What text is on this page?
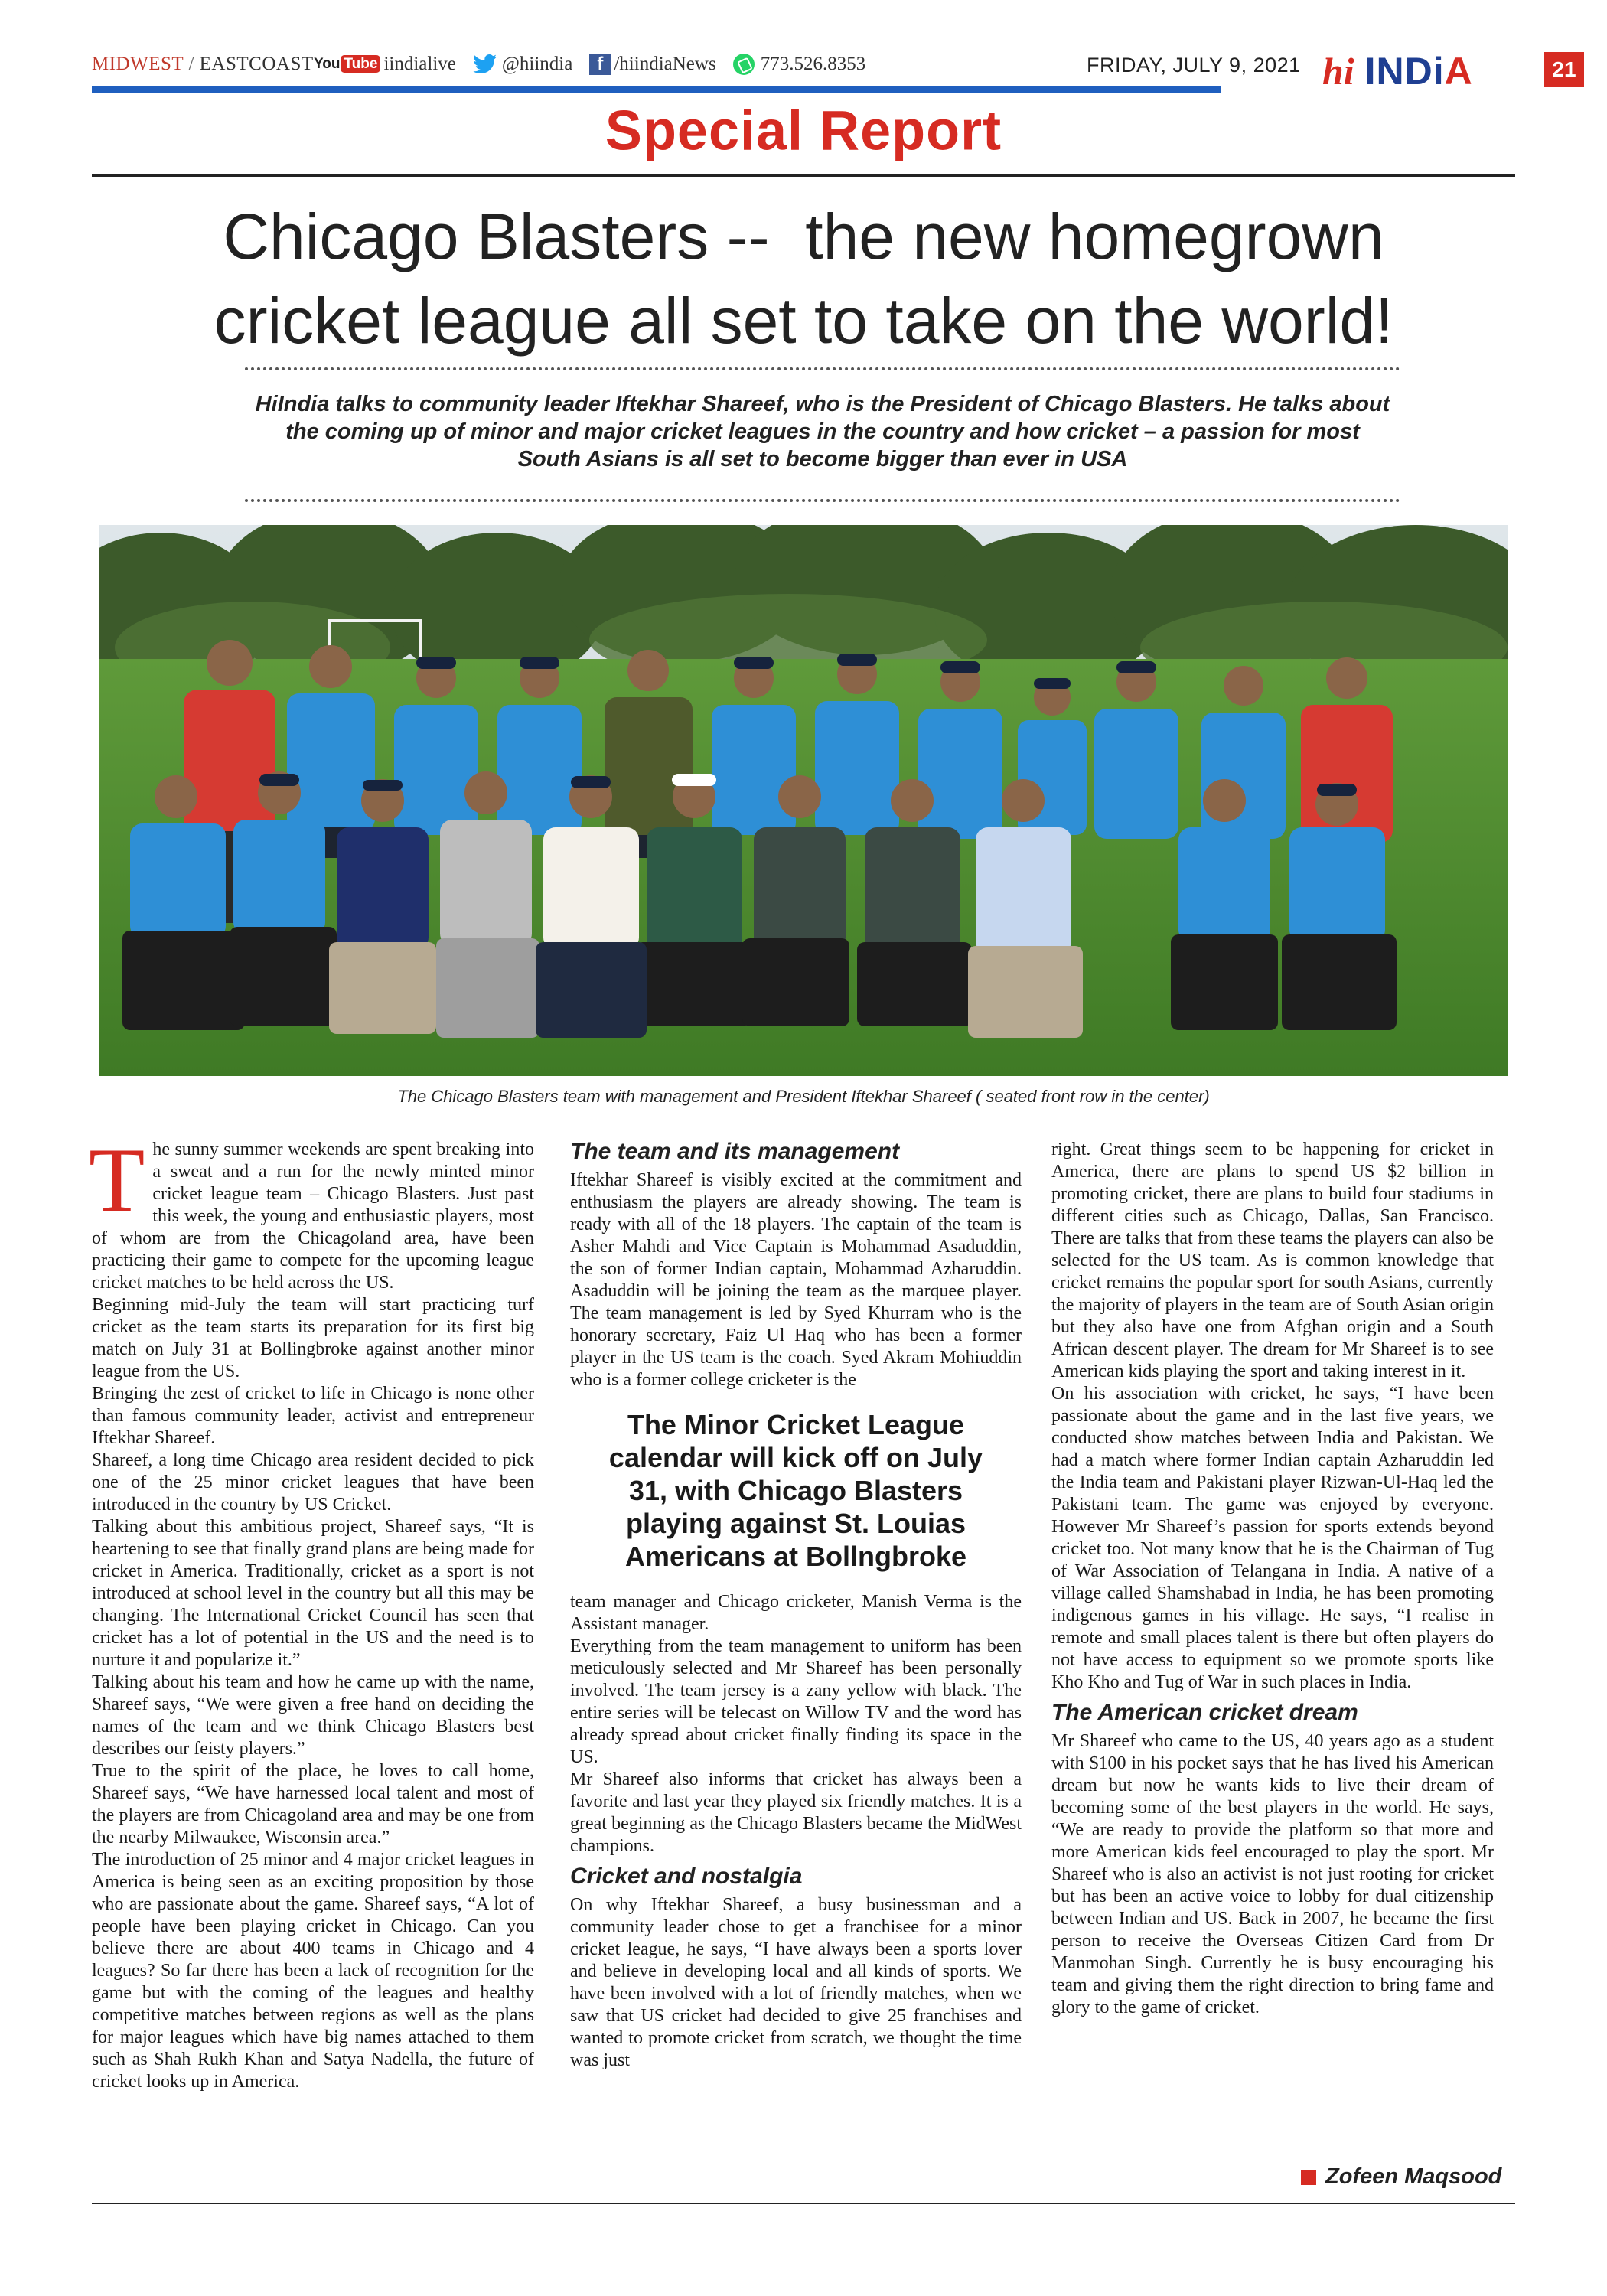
MIDWEST / EASTCOAST You Tube iindialive @hiindia	f /hiindiaNews 773.526.8353	FRIDAY, JULY 9, 2021 hi INDiA	21
Special Report
Chicago Blasters --  the new homegrown
cricket league all set to take on the world!
HiIndia talks to community leader Iftekhar Shareef, who is the President of Chicago Blasters. He talks about the coming up of minor and major cricket leagues in the country and how cricket – a passion for most South Asians is all set to become bigger than ever in USA
The Chicago Blasters team with management and President Iftekhar Shareef ( seated front row in the center)

The sunny summer weekends are spent breaking into a sweat and a run for the newly minted minor cricket league team – Chicago Blasters. Just past this week, the young and enthusiastic players, most of whom are from the Chicagoland area, have been practicing their game to compete for the upcoming league cricket matches to be held across the US.

Beginning mid-July the team will start practicing turf cricket as the team starts its preparation for its first big match on July 31 at Bollingbroke against another minor league from the US.

Bringing the zest of cricket to life in Chicago is none other than famous community leader, activist and entrepreneur Iftekhar Shareef.

Shareef, a long time Chicago area resident decided to pick one of the 25 minor cricket leagues that have been introduced in the country by US Cricket.

Talking about this ambitious project, Shareef says, “It is heartening to see that finally grand plans are being made for cricket in America. Traditionally, cricket as a sport is not introduced at school level in the country but all this may be changing. The International Cricket Council has seen that cricket has a lot of potential in the US and the need is to nurture it and popularize it.”

Talking about his team and how he came up with the name, Shareef says, “We were given a free hand on deciding the names of the team and we think Chicago Blasters best describes our feisty players.”

True to the spirit of the place, he loves to call home, Shareef says, “We have harnessed local talent and most of the players are from Chicagoland area and may be one from the nearby Milwaukee, Wisconsin area.”

The introduction of 25 minor and 4 major cricket leagues in America is being seen as an exciting proposition by those who are passionate about the game. Shareef says, “A lot of people have been playing cricket in Chicago. Can you believe there are about 400 teams in Chicago and 4 leagues? So far there has been a lack of recognition for the game but with the coming of the leagues and healthy competitive matches between regions as well as the plans for major leagues which have big names attached to them such as Shah Rukh Khan and Satya Nadella, the future of cricket looks up in America.

The team and its management

Iftekhar Shareef is visibly excited at the commitment and enthusiasm the players are already showing. The team is ready with all of the 18 players. The captain of the team is Asher Mahdi and Vice Captain is Mohammad Asaduddin, the son of former Indian captain, Mohammad Azharuddin. Asaduddin will be joining the team as the marquee player. The team management is led by Syed Khurram who is the honorary secretary, Faiz Ul Haq who has been a former player in the US team is the coach. Syed Akram Mohiuddin who is a former college cricketer is the

The Minor Cricket League calendar will kick off on July 31, with Chicago Blasters playing against St. Louias Americans at Bollngbroke

team manager and Chicago cricketer, Manish Verma is the Assistant manager.

Everything from the team management to uniform has been meticulously selected and Mr Shareef has been personally involved. The team jersey is a zany yellow with black. The entire series will be telecast on Willow TV and the word has already spread about cricket finally finding its space in the US.

Mr Shareef also informs that cricket has always been a favorite and last year they played six friendly matches. It is a great beginning as the Chicago Blasters became the MidWest champions.

Cricket and nostalgia

On why Iftekhar Shareef, a busy businessman and a community leader chose to get a franchisee for a minor cricket league, he says, “I have always been a sports lover and believe in developing local and all kinds of sports. We have been involved with a lot of friendly matches, when we saw that US cricket had decided to give 25 franchises and wanted to promote cricket from scratch, we thought the time was just

right. Great things seem to be happening for cricket in America, there are plans to spend US $2 billion in promoting cricket, there are plans to build four stadiums in different cities such as Chicago, Dallas, San Francisco. There are talks that from these teams the players can also be selected for the US team. As is common knowledge that cricket remains the popular sport for south Asians, currently the majority of players in the team are of South Asian origin but they also have one from Afghan origin and a South African descent player. The dream for Mr Shareef is to see American kids playing the sport and taking interest in it.

On his association with cricket, he says, “I have been passionate about the game and in the last five years, we conducted show matches between India and Pakistan. We had a match where former Indian captain Azharuddin led the India team and Pakistani player Rizwan-Ul-Haq led the Pakistani team. The game was enjoyed by everyone. However Mr Shareef’s passion for sports extends beyond cricket too. Not many know that he is the Chairman of Tug of War Association of Telangana in India. A native of a village called Shamshabad in India, he has been promoting indigenous games in his village. He says, “I realise in remote and small places talent is there but often players do not have access to equipment so we promote sports like Kho Kho and Tug of War in such places in India.

The American cricket dream

Mr Shareef who came to the US, 40 years ago as a student with $100 in his pocket says that he has lived his American dream but now he wants kids to live their dream of becoming some of the best players in the world. He says, “We are ready to provide the platform so that more and more American kids feel encouraged to play the sport. Mr Shareef who is also an activist is not just rooting for cricket but has been an active voice to lobby for dual citizenship between Indian and US. Back in 2007, he became the first person to receive the Overseas Citizen Card from Dr Manmohan Singh. Currently he is busy encouraging his team and giving them the right direction to bring fame and glory to the game of cricket.

Zofeen Maqsood
